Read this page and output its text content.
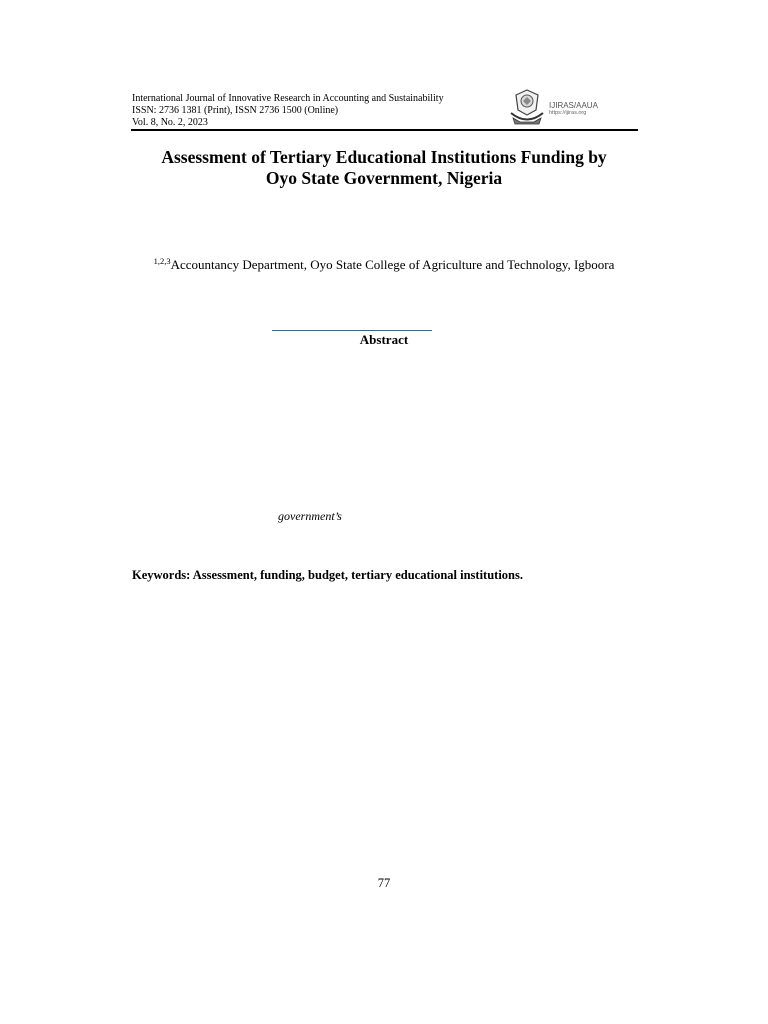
International Journal of Innovative Research in Accounting and Sustainability
ISSN: 2736 1381 (Print), ISSN 2736 1500 (Online)
Vol. 8, No. 2, 2023
IJIRAS/AAUA
https://ijiras.org
Assessment of Tertiary Educational Institutions Funding by
Oyo State Government, Nigeria
$^{1,2,3}$Accountancy Department, Oyo State College of Agriculture and Technology, Igboora
Abstract
government’s
Keywords: Assessment, funding, budget, tertiary educational institutions.
77
